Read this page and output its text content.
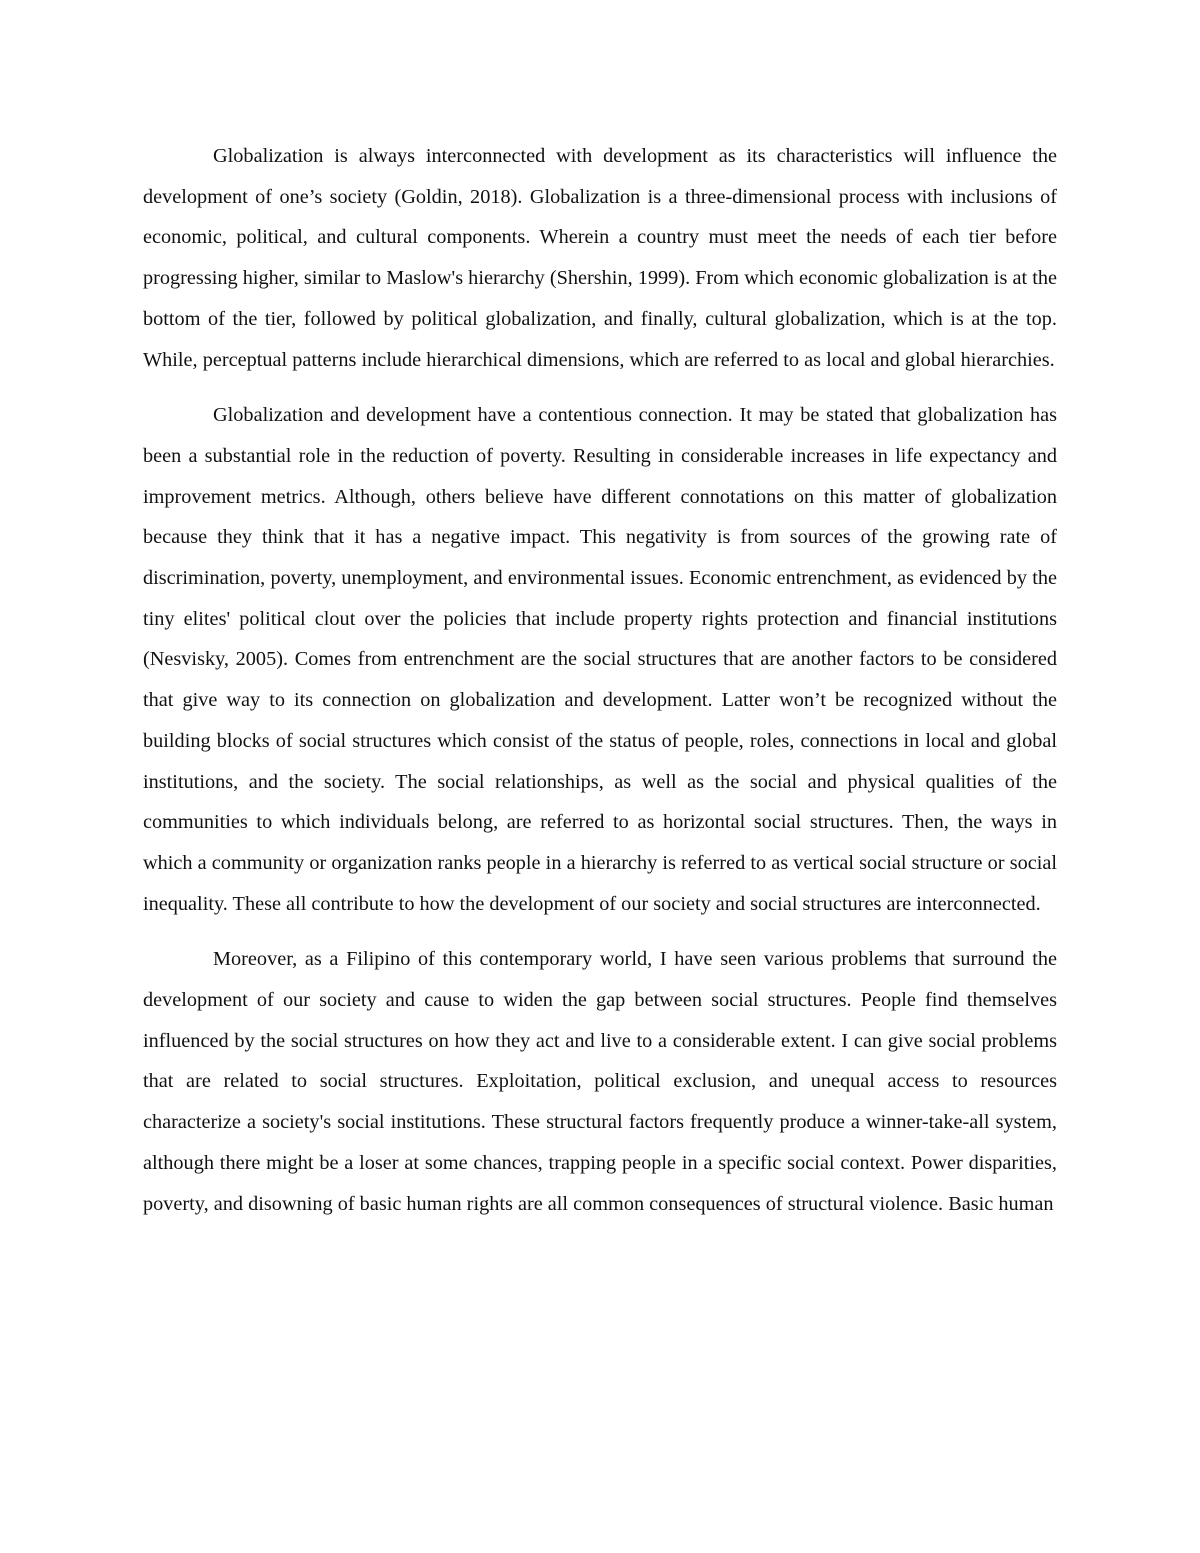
Globalization is always interconnected with development as its characteristics will influence the development of one’s society (Goldin, 2018). Globalization is a three-dimensional process with inclusions of economic, political, and cultural components. Wherein a country must meet the needs of each tier before progressing higher, similar to Maslow's hierarchy (Shershin, 1999). From which economic globalization is at the bottom of the tier, followed by political globalization, and finally, cultural globalization, which is at the top. While, perceptual patterns include hierarchical dimensions, which are referred to as local and global hierarchies.

Globalization and development have a contentious connection. It may be stated that globalization has been a substantial role in the reduction of poverty. Resulting in considerable increases in life expectancy and improvement metrics. Although, others believe have different connotations on this matter of globalization because they think that it has a negative impact. This negativity is from sources of the growing rate of discrimination, poverty, unemployment, and environmental issues. Economic entrenchment, as evidenced by the tiny elites' political clout over the policies that include property rights protection and financial institutions (Nesvisky, 2005). Comes from entrenchment are the social structures that are another factors to be considered that give way to its connection on globalization and development. Latter won’t be recognized without the building blocks of social structures which consist of the status of people, roles, connections in local and global institutions, and the society. The social relationships, as well as the social and physical qualities of the communities to which individuals belong, are referred to as horizontal social structures. Then, the ways in which a community or organization ranks people in a hierarchy is referred to as vertical social structure or social inequality. These all contribute to how the development of our society and social structures are interconnected.

Moreover, as a Filipino of this contemporary world, I have seen various problems that surround the development of our society and cause to widen the gap between social structures. People find themselves influenced by the social structures on how they act and live to a considerable extent. I can give social problems that are related to social structures. Exploitation, political exclusion, and unequal access to resources characterize a society's social institutions. These structural factors frequently produce a winner-take-all system, although there might be a loser at some chances, trapping people in a specific social context. Power disparities, poverty, and disowning of basic human rights are all common consequences of structural violence. Basic human
